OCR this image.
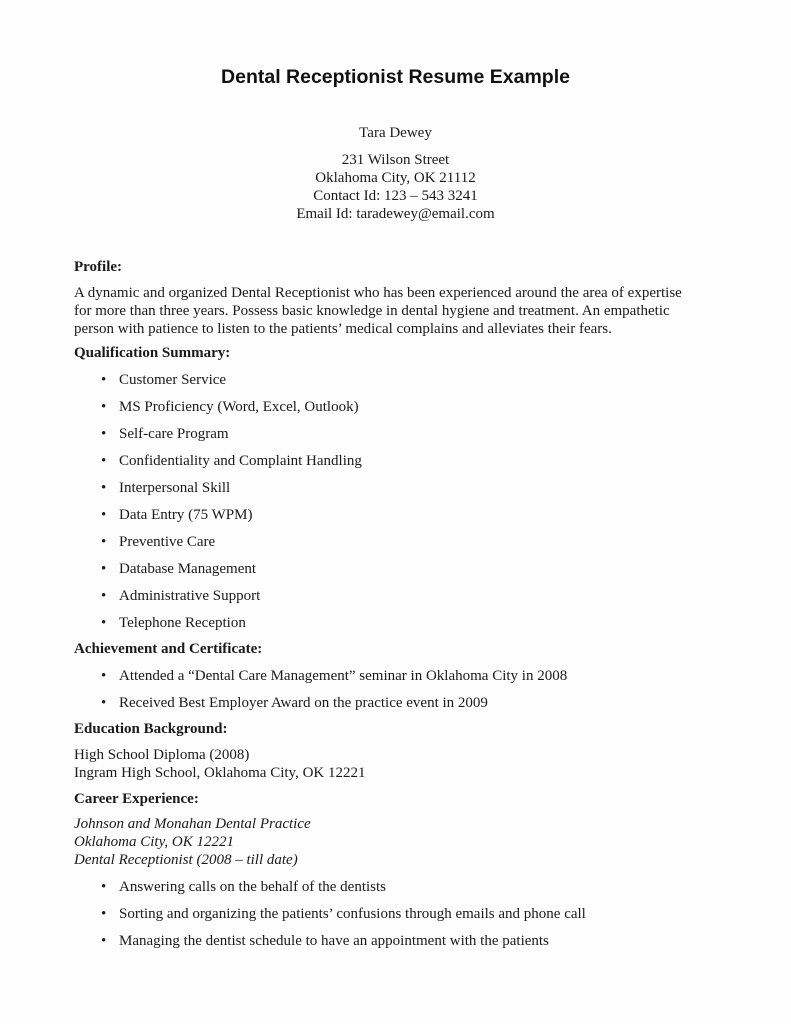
Dental Receptionist Resume Example
Tara Dewey
231 Wilson Street
Oklahoma City, OK 21112
Contact Id: 123 – 543 3241
Email Id: taradewey@email.com
Profile:
A dynamic and organized Dental Receptionist who has been experienced around the area of expertise
for more than three years. Possess basic knowledge in dental hygiene and treatment. An empathetic
person with patience to listen to the patients’ medical complains and alleviates their fears.
Qualification Summary:
• Customer Service
• MS Proficiency (Word, Excel, Outlook)
• Self-care Program
• Confidentiality and Complaint Handling
• Interpersonal Skill
• Data Entry (75 WPM)
• Preventive Care
• Database Management
• Administrative Support
• Telephone Reception
Achievement and Certificate:
• Attended a “Dental Care Management” seminar in Oklahoma City in 2008
• Received Best Employer Award on the practice event in 2009
Education Background:
High School Diploma (2008)
Ingram High School, Oklahoma City, OK 12221
Career Experience:
Johnson and Monahan Dental Practice
Oklahoma City, OK 12221
Dental Receptionist (2008 – till date)
• Answering calls on the behalf of the dentists
• Sorting and organizing the patients’ confusions through emails and phone call
• Managing the dentist schedule to have an appointment with the patients
